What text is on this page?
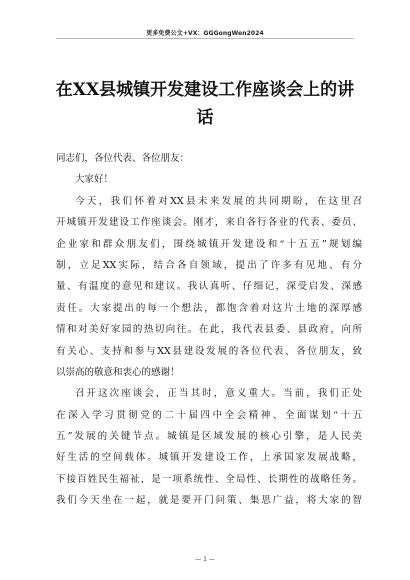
更多免费公文+VX：GGGongWen2024
在XX县城镇开发建设工作座谈会上的讲
话
同志们，各位代表、各位朋友：
大家好！
今天，我们怀着对XX县未来发展的共同期盼，在这里召
开城镇开发建设工作座谈会。刚才，来自各行各业的代表、委员、
企业家和群众朋友们，围绕城镇开发建设和“十五五”规划编
制，立足XX实际，结合各自领域，提出了许多有见地、有分
量、有温度的意见和建议。我认真听、仔细记，深受启发、深感
责任。大家提出的每一个想法，都饱含着对这片土地的深厚感
情和对美好家园的热切向往。在此，我代表县委、县政府，向所
有关心、支持和参与XX县建设发展的各位代表、各位朋友，致
以崇高的敬意和衷心的感谢！
召开这次座谈会，正当其时，意义重大。当前，我们正处
在深入学习贯彻党的二十届四中全会精神、全面谋划“十五
五”发展的关键节点。城镇是区域发展的核心引擎，是人民美
好生活的空间载体。城镇开发建设工作，上承国家发展战略，
下接百姓民生福祉，是一项系统性、全局性、长期性的战略任务。
我们今天坐在一起，就是要开门问策、集思广益，将大家的智
— 1 —
